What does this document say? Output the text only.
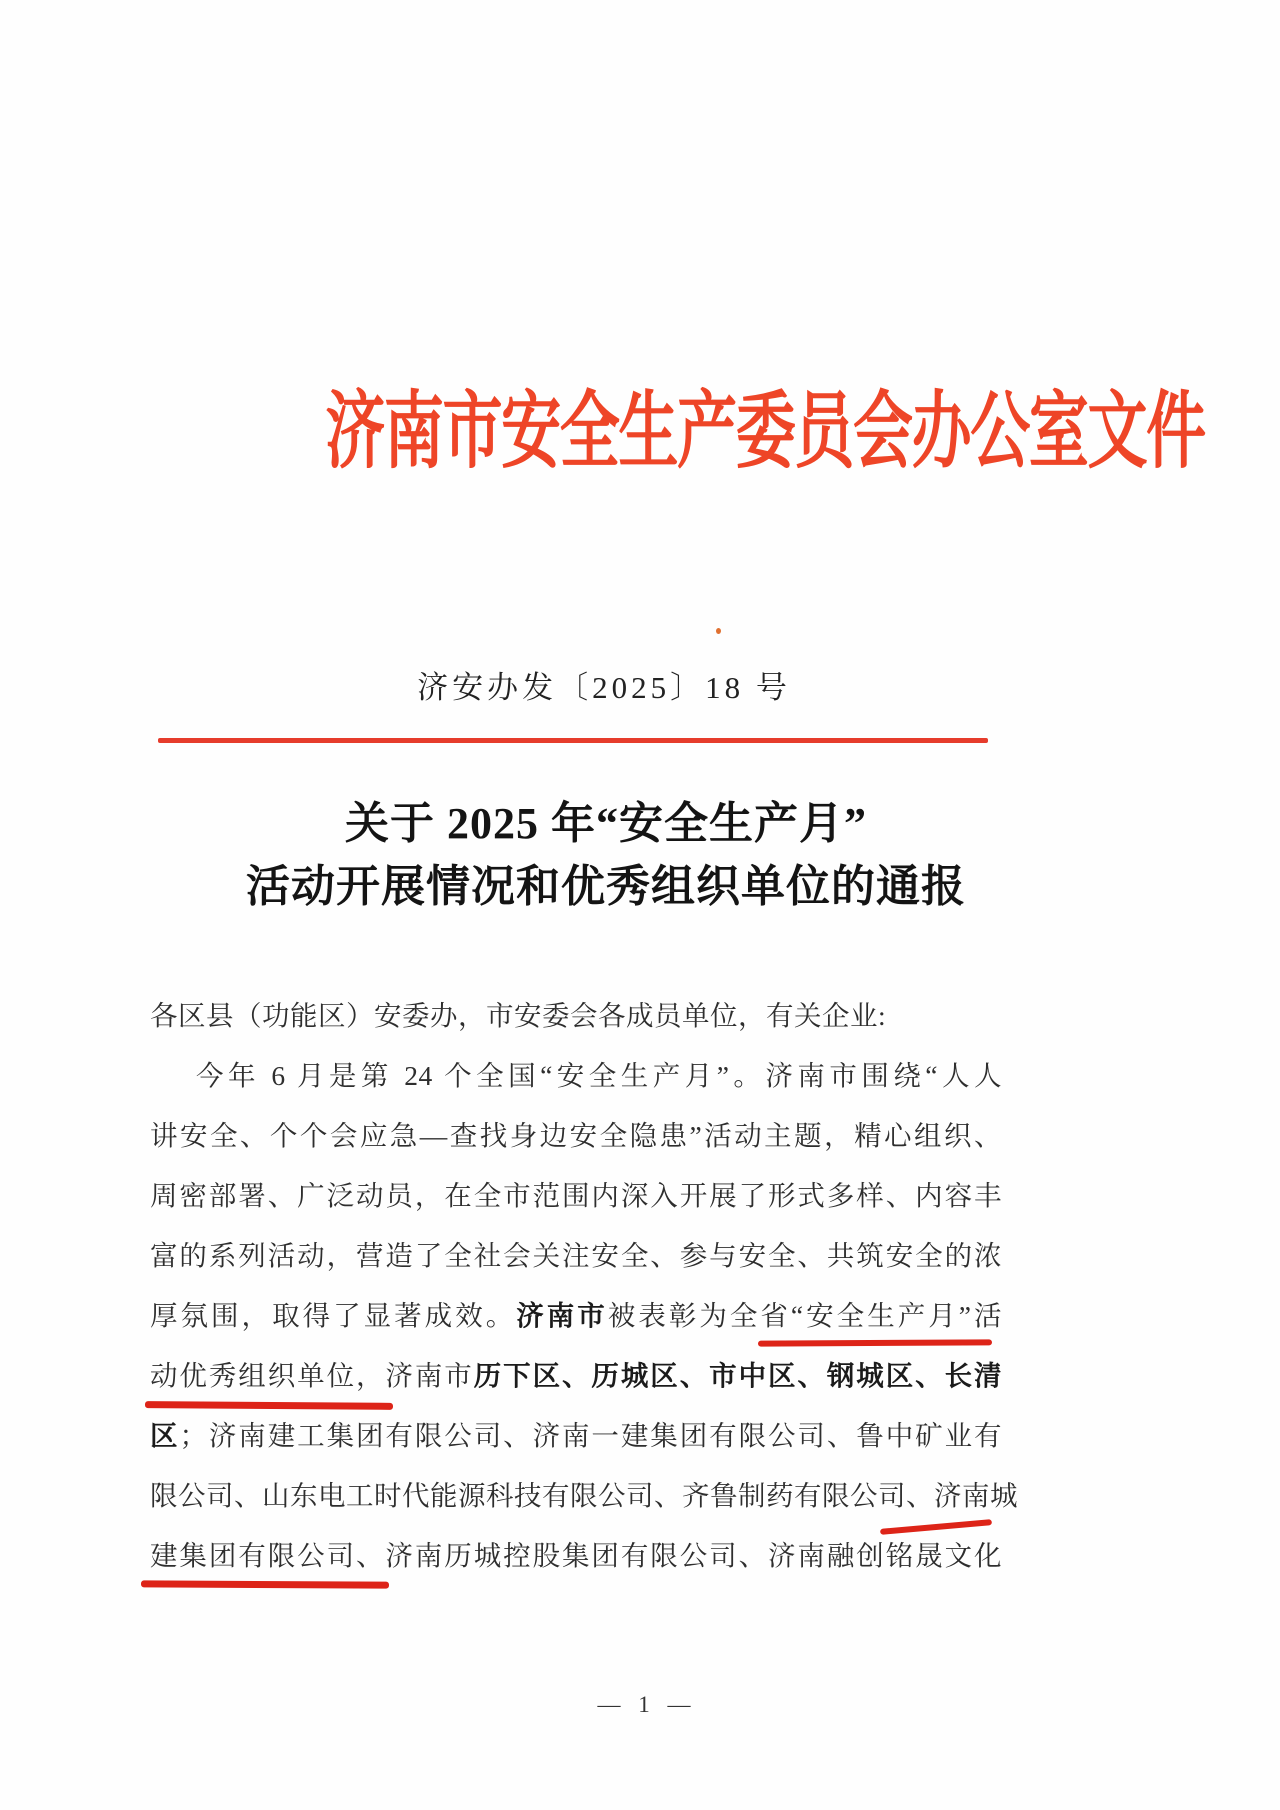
济南市安全生产委员会办公室文件
济安办发〔2025〕18 号
关于 2025 年“安全生产月”
活动开展情况和优秀组织单位的通报
各区县（功能区）安委办，市安委会各成员单位，有关企业:
今年 6 月是第 24 个全国“安全生产月”。济南市围绕“人人
讲安全、个个会应急—查找身边安全隐患”活动主题，精心组织、
周密部署、广泛动员，在全市范围内深入开展了形式多样、内容丰
富的系列活动，营造了全社会关注安全、参与安全、共筑安全的浓
厚氛围，取得了显著成效。济南市被表彰为全省“安全生产月”活
动优秀组织单位，济南市历下区、历城区、市中区、钢城区、长清
区；济南建工集团有限公司、济南一建集团有限公司、鲁中矿业有
限公司、山东电工时代能源科技有限公司、齐鲁制药有限公司、济南城
建集团有限公司、济南历城控股集团有限公司、济南融创铭晟文化
— 1 —
